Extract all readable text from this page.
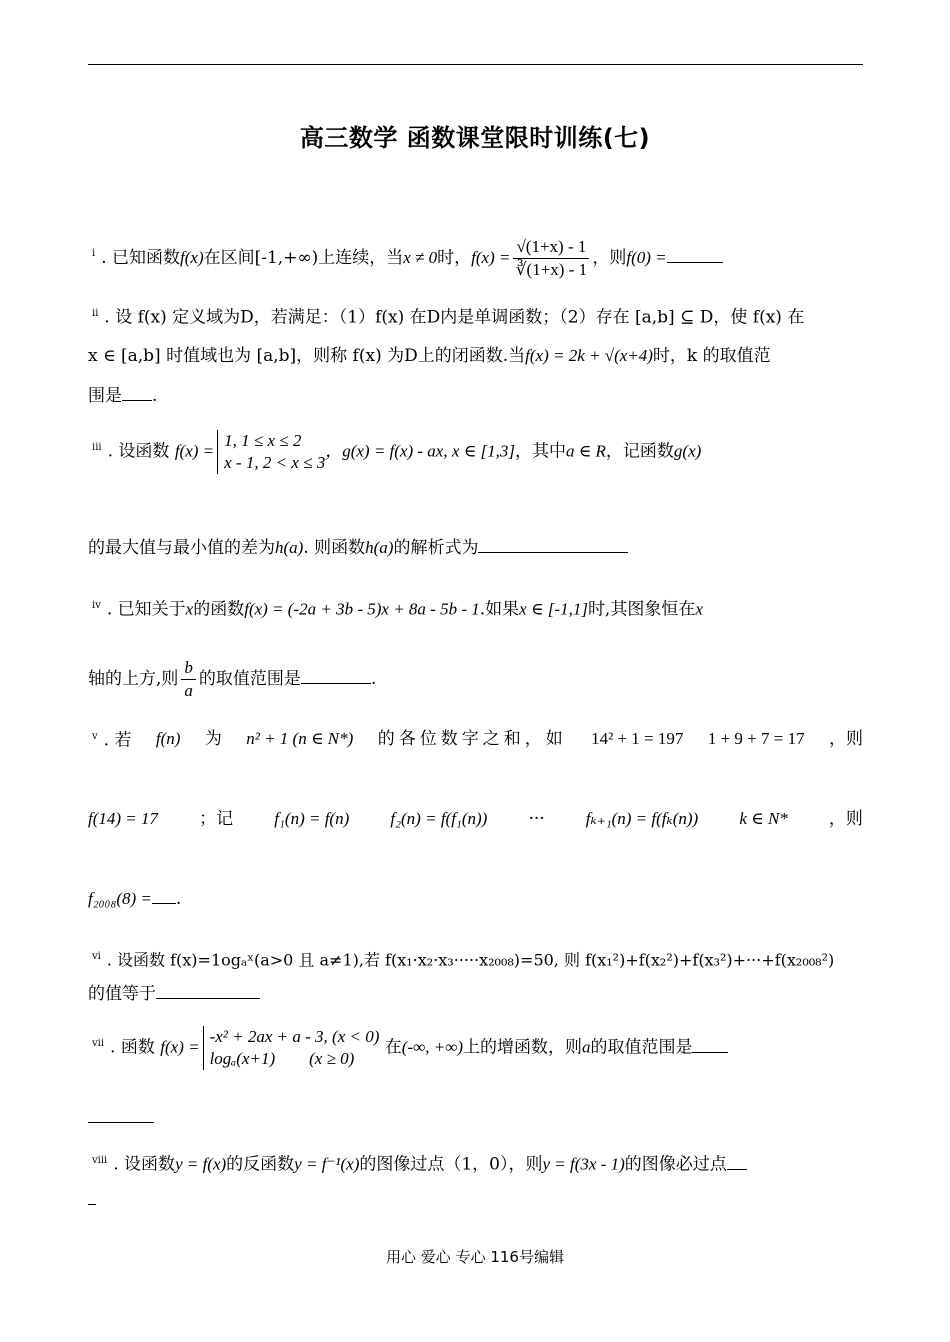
高三数学 函数课堂限时训练(七)
$^i$ . 已知函数f(x)在区间[-1,+∞)上连续，当x ≠ 0时，$f(x) = \frac{√(1+x) - 1}{∛(1+x) - 1}$ ，则f(0) =
$^{ii}$ . 设 f(x) 定义域为D，若满足：（1）f(x) 在D内是单调函数；（2）存在 [a,b] ⊆ D，使 f(x) 在
x ∈ [a,b] 时值域也为 [a,b]，则称 f(x) 为D上的闭函数.当f(x) = 2k + √(x+4)时，k 的取值范
围是 .
$^{iii}$ . 设函数 f(x) =
1, 1 ≤ x ≤ 2
x - 1, 2 < x ≤ 3
，g(x) = f(x) - ax, x ∈ [1,3]，其中a ∈ R，记函数g(x)
的最大值与最小值的差为h(a). 则函数h(a)的解析式为
$^{iv}$ . 已知关于x的函数f(x) = (-2a + 3b - 5)x + 8a - 5b - 1.如果x ∈ [-1,1]时,其图象恒在x
轴的上方,则 $\frac{b}{a}$ 的取值范围是	.
$^v$ . 若 f(n) 为 n² + 1 (n ∈ N*) 的各位数字之和，如 14² + 1 = 197 1 + 9 + 7 = 17 ，则
f(14) = 17 ；记 f₁(n) = f(n) f₂(n) = f(f₁(n)) ··· fₖ₊₁(n) = f(fₖ(n)) k ∈ N* ，则
f₂₀₀₈(8) = .
$^{vi}$ . 设函数 f(x)=1ogₐˣ(a>0 且 a≠1),若 f(x₁·x₂·x₃·····x₂₀₀₈)=50, 则 f(x₁²)+f(x₂²)+f(x₃²)+···+f(x₂₀₀₈²)
的值等于
$^{vii}$ . 函数 f(x) =
-x² + 2ax + a - 3, (x < 0)
logₐ(x+1)        (x ≥ 0)
在(-∞, +∞)上的增函数，则a的取值范围是
$^{viii}$ . 设函数y = f(x)的反函数y = f⁻¹(x)的图像过点（1，0），则y = f(3x - 1)的图像必过点
用心 爱心 专心 116号编辑
